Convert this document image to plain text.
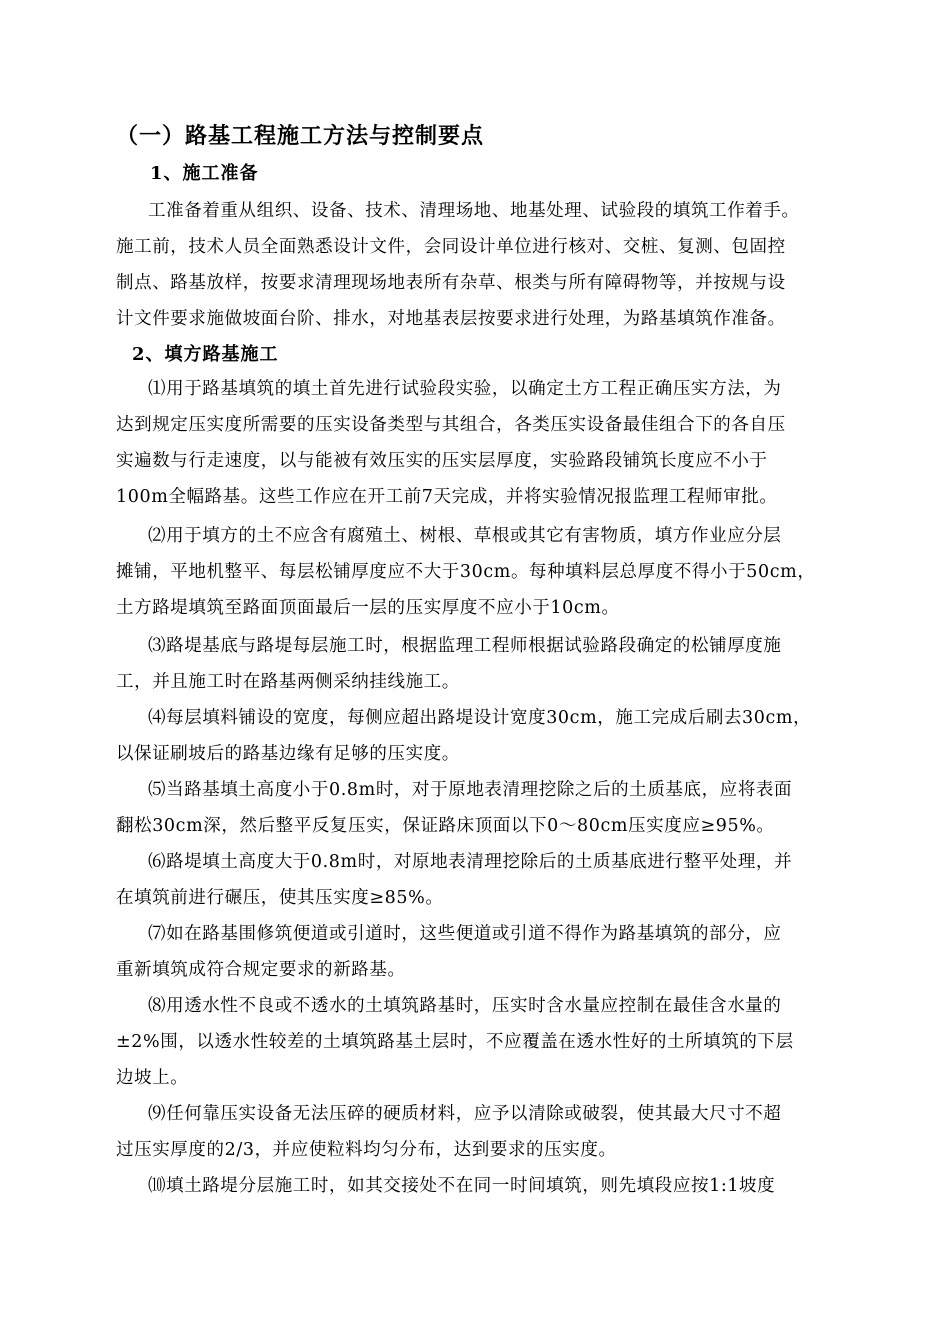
（一）路基工程施工方法与控制要点
1、施工准备
工准备着重从组织、设备、技术、清理场地、地基处理、试验段的填筑工作着手。
施工前，技术人员全面熟悉设计文件，会同设计单位进行核对、交桩、复测、包固控
制点、路基放样，按要求清理现场地表所有杂草、根类与所有障碍物等，并按规与设
计文件要求施做坡面台阶、排水，对地基表层按要求进行处理，为路基填筑作准备。
2、填方路基施工
⑴用于路基填筑的填土首先进行试验段实验，以确定土方工程正确压实方法，为
达到规定压实度所需要的压实设备类型与其组合，各类压实设备最佳组合下的各自压
实遍数与行走速度，以与能被有效压实的压实层厚度，实验路段铺筑长度应不小于
100m全幅路基。这些工作应在开工前7天完成，并将实验情况报监理工程师审批。
⑵用于填方的土不应含有腐殖土、树根、草根或其它有害物质，填方作业应分层
摊铺，平地机整平、每层松铺厚度应不大于30cm。每种填料层总厚度不得小于50cm，
土方路堤填筑至路面顶面最后一层的压实厚度不应小于10cm。
⑶路堤基底与路堤每层施工时，根据监理工程师根据试验路段确定的松铺厚度施
工，并且施工时在路基两侧采纳挂线施工。
⑷每层填料铺设的宽度，每侧应超出路堤设计宽度30cm，施工完成后刷去30cm，
以保证刷坡后的路基边缘有足够的压实度。
⑸当路基填土高度小于0.8m时，对于原地表清理挖除之后的土质基底，应将表面
翻松30cm深，然后整平反复压实，保证路床顶面以下0～80cm压实度应≥95%。
⑹路堤填土高度大于0.8m时，对原地表清理挖除后的土质基底进行整平处理，并
在填筑前进行碾压，使其压实度≥85%。
⑺如在路基围修筑便道或引道时，这些便道或引道不得作为路基填筑的部分，应
重新填筑成符合规定要求的新路基。
⑻用透水性不良或不透水的土填筑路基时，压实时含水量应控制在最佳含水量的
±2%围，以透水性较差的土填筑路基土层时，不应覆盖在透水性好的土所填筑的下层
边坡上。
⑼任何靠压实设备无法压碎的硬质材料，应予以清除或破裂，使其最大尺寸不超
过压实厚度的2/3，并应使粒料均匀分布，达到要求的压实度。
⑽填土路堤分层施工时，如其交接处不在同一时间填筑，则先填段应按1:1坡度
